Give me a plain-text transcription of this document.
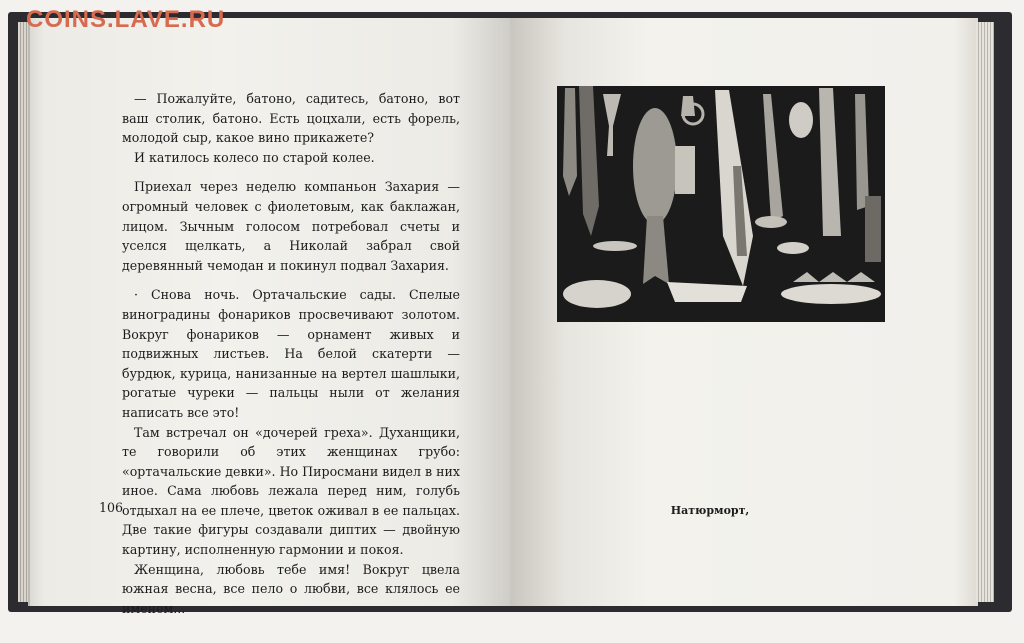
COINS.LAVE.RU

— Пожалуйте, батоно, садитесь, батоно, вот ваш столик, батоно. Есть цоцхали, есть форель, молодой сыр, какое вино прикажете?

И катилось колесо по старой колее.

Приехал через неделю компаньон Захария — огромный человек с фиолетовым, как баклажан, лицом. Зычным голосом потребовал счеты и уселся щелкать, а Николай забрал свой деревянный чемодан и покинул подвал Захария.

· Снова ночь. Ортачальские сады. Спелые виноградины фонариков просвечивают золотом. Вокруг фонариков — орнамент живых и подвижных листьев. На белой скатерти — бурдюк, курица, нанизанные на вертел шашлыки, рогатые чуреки — пальцы ныли от желания написать все это!

Там встречал он «дочерей греха». Духанщики, те говорили об этих женщинах грубо: «ортачальские девки». Но Пиросмани видел в них иное. Сама любовь лежала перед ним, голубь отдыхал на ее плече, цветок оживал в ее пальцах. Две такие фигуры создавали диптих — двойную картину, исполненную гармонии и покоя.

Женщина, любовь тебе имя! Вокруг цвела южная весна, все пело о любви, все клялось ее именем...

106	Натюрморт,
